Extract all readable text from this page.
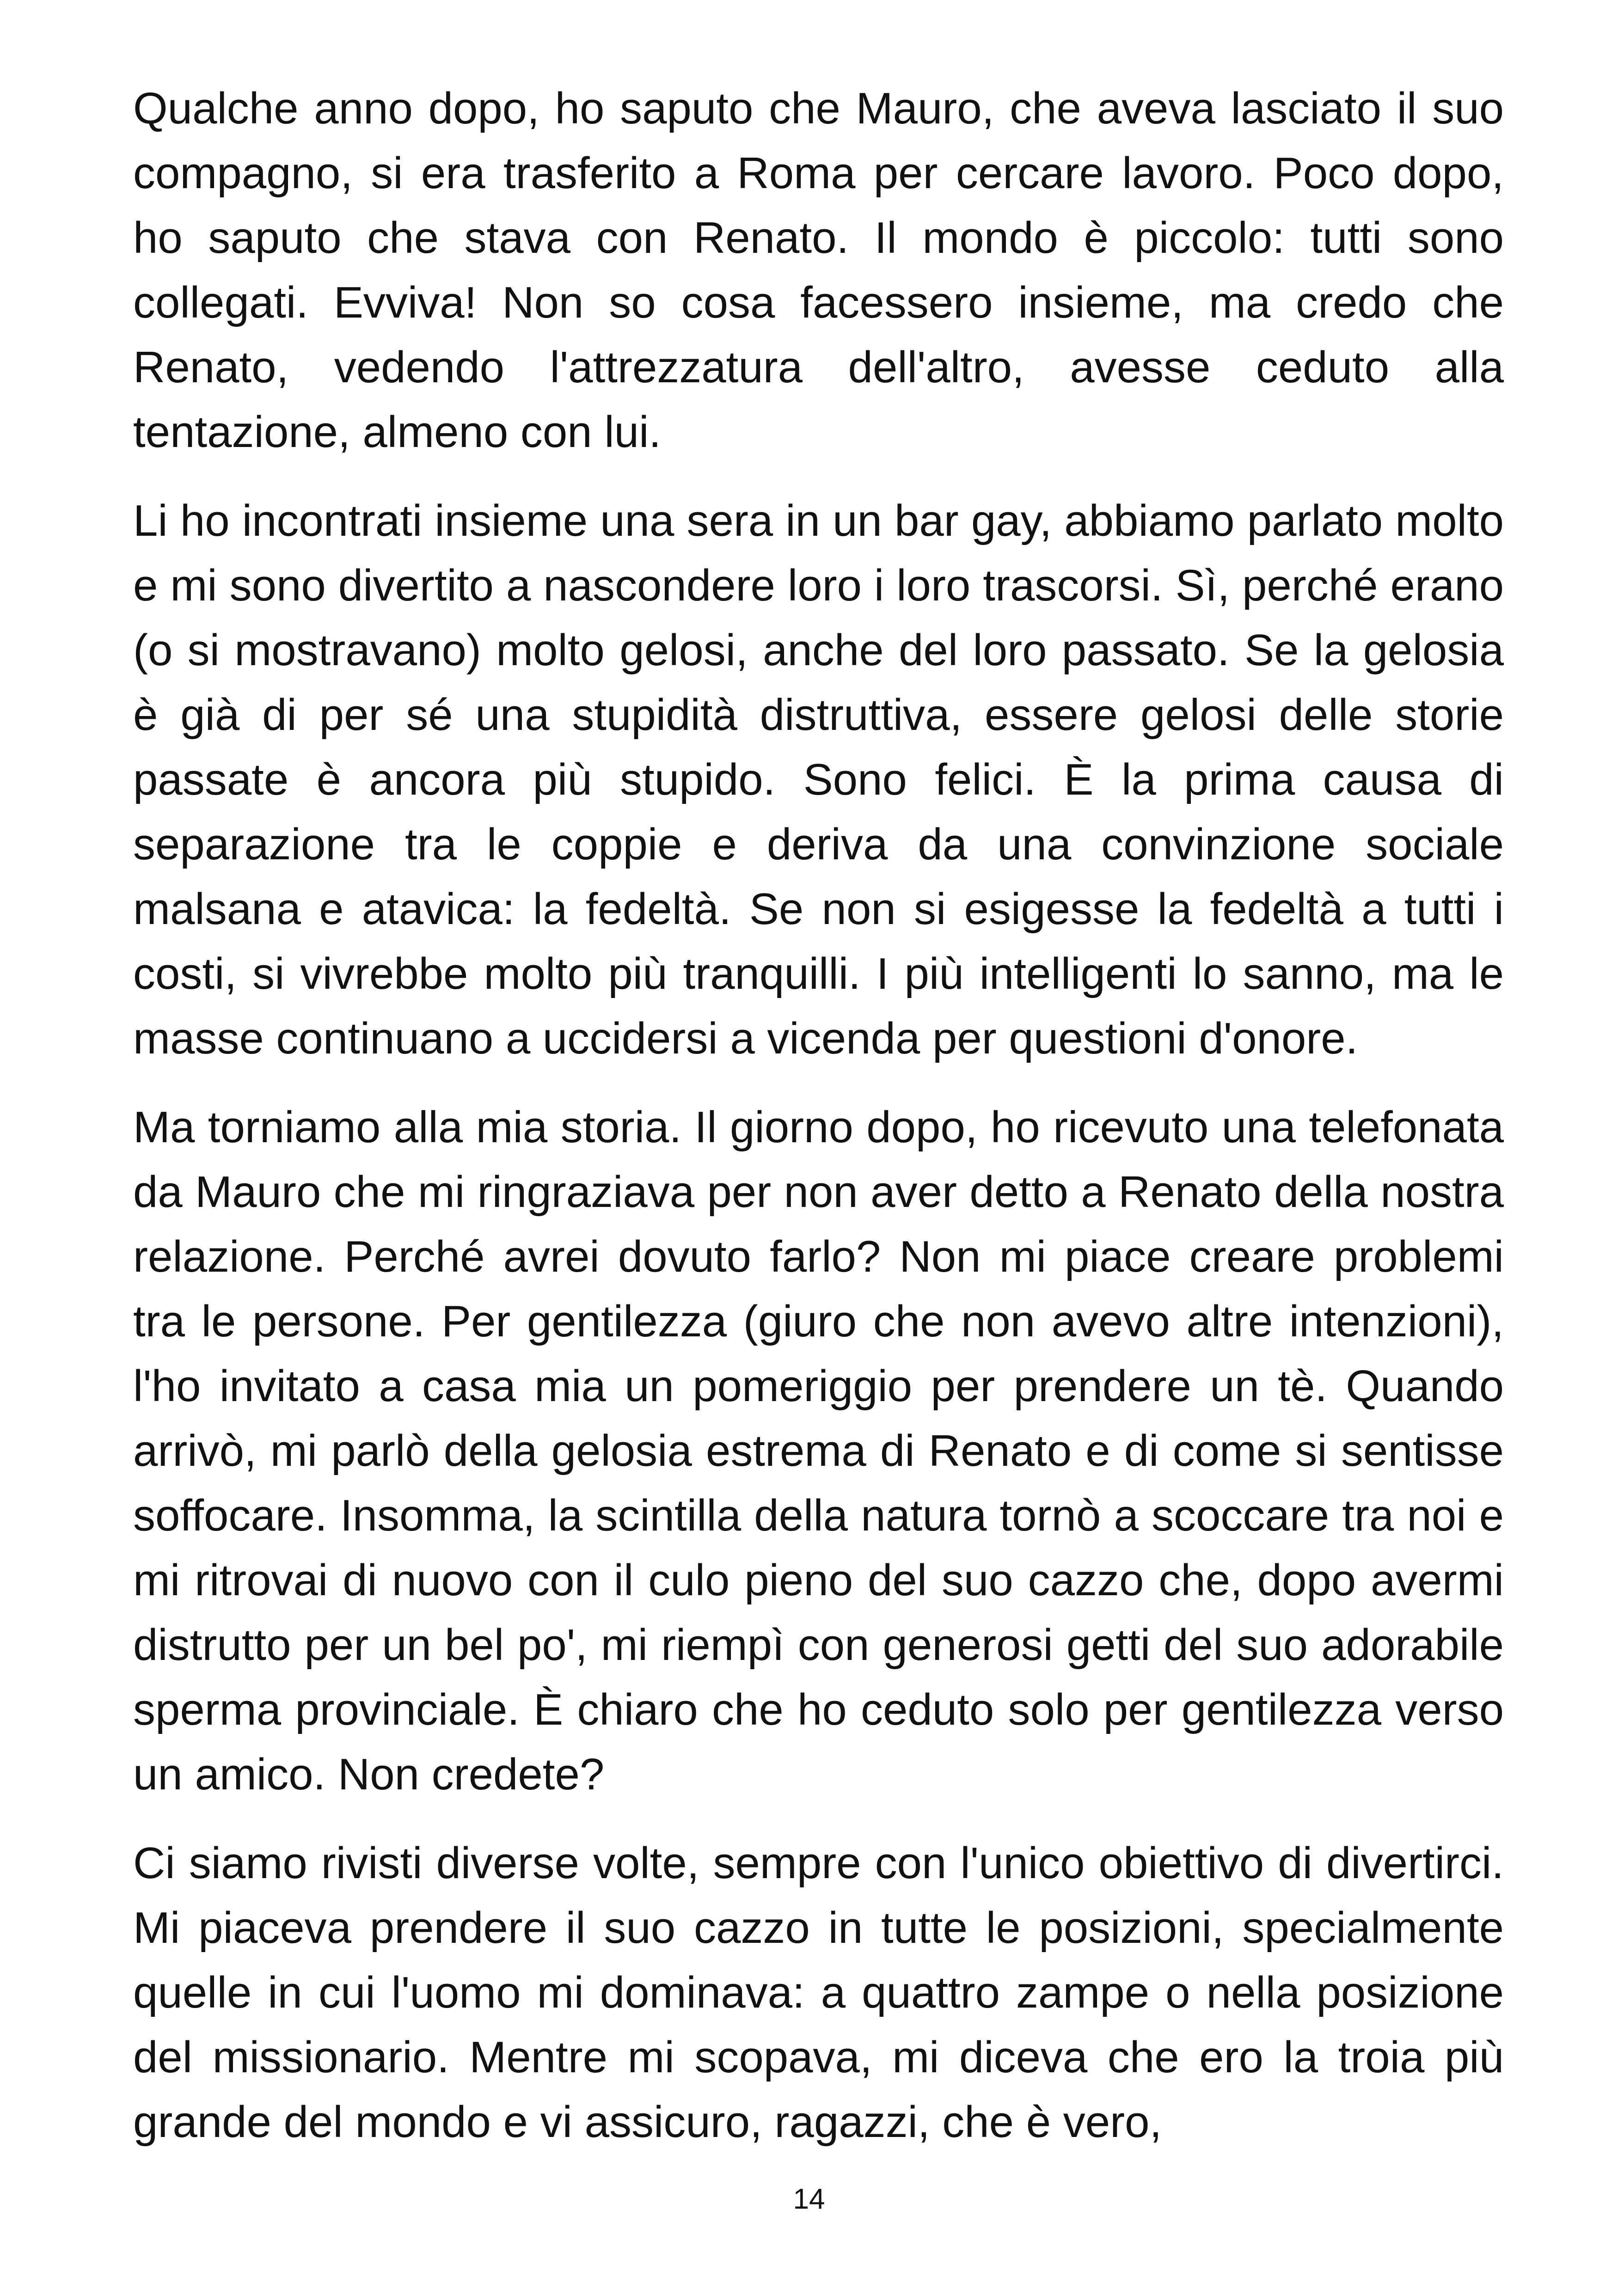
Qualche anno dopo, ho saputo che Mauro, che aveva lasciato il suo compagno, si era trasferito a Roma per cercare lavoro. Poco dopo, ho saputo che stava con Renato. Il mondo è piccolo: tutti sono collegati. Evviva! Non so cosa facessero insieme, ma credo che Renato, vedendo l'attrezzatura dell'altro, avesse ceduto alla tentazione, almeno con lui.

Li ho incontrati insieme una sera in un bar gay, abbiamo parlato molto e mi sono divertito a nascondere loro i loro trascorsi. Sì, perché erano (o si mostravano) molto gelosi, anche del loro passato. Se la gelosia è già di per sé una stupidità distruttiva, essere gelosi delle storie passate è ancora più stupido. Sono felici. È la prima causa di separazione tra le coppie e deriva da una convinzione sociale malsana e atavica: la fedeltà. Se non si esigesse la fedeltà a tutti i costi, si vivrebbe molto più tranquilli. I più intelligenti lo sanno, ma le masse continuano a uccidersi a vicenda per questioni d'onore.

Ma torniamo alla mia storia. Il giorno dopo, ho ricevuto una telefonata da Mauro che mi ringraziava per non aver detto a Renato della nostra relazione. Perché avrei dovuto farlo? Non mi piace creare problemi tra le persone. Per gentilezza (giuro che non avevo altre intenzioni), l'ho invitato a casa mia un pomeriggio per prendere un tè. Quando arrivò, mi parlò della gelosia estrema di Renato e di come si sentisse soffocare. Insomma, la scintilla della natura tornò a scoccare tra noi e mi ritrovai di nuovo con il culo pieno del suo cazzo che, dopo avermi distrutto per un bel po', mi riempì con generosi getti del suo adorabile sperma provinciale. È chiaro che ho ceduto solo per gentilezza verso un amico. Non credete?

Ci siamo rivisti diverse volte, sempre con l'unico obiettivo di divertirci. Mi piaceva prendere il suo cazzo in tutte le posizioni, specialmente quelle in cui l'uomo mi dominava: a quattro zampe o nella posizione del missionario. Mentre mi scopava, mi diceva che ero la troia più grande del mondo e vi assicuro, ragazzi, che è vero,

14
